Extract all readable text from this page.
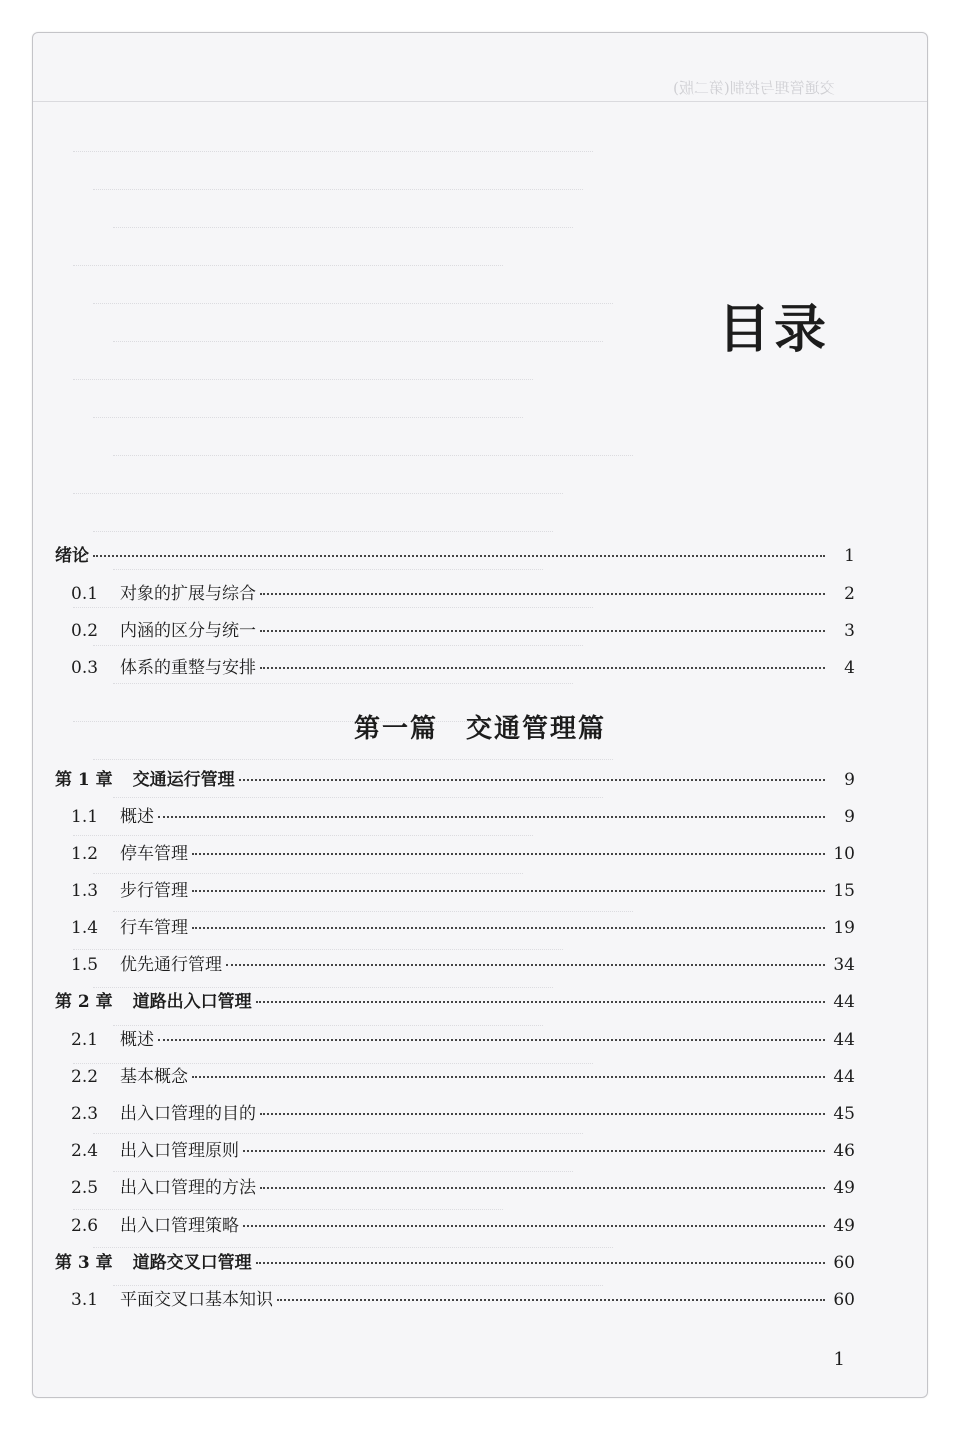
交通管理与控制(第二版)
目录
绪论	1
0.1 对象的扩展与综合	2
0.2 内涵的区分与统一	3
0.3 体系的重整与安排	4
第 1 章 交通运行管理	9
1.1 概述	9
1.2 停车管理	10
1.3 步行管理	15
1.4 行车管理	19
1.5 优先通行管理	34
第 2 章 道路出入口管理	44
2.1 概述	44
2.2 基本概念	44
2.3 出入口管理的目的	45
2.4 出入口管理原则	46
2.5 出入口管理的方法	49
2.6 出入口管理策略	49
第 3 章 道路交叉口管理	60
3.1 平面交叉口基本知识	60
第一篇　交通管理篇
1
